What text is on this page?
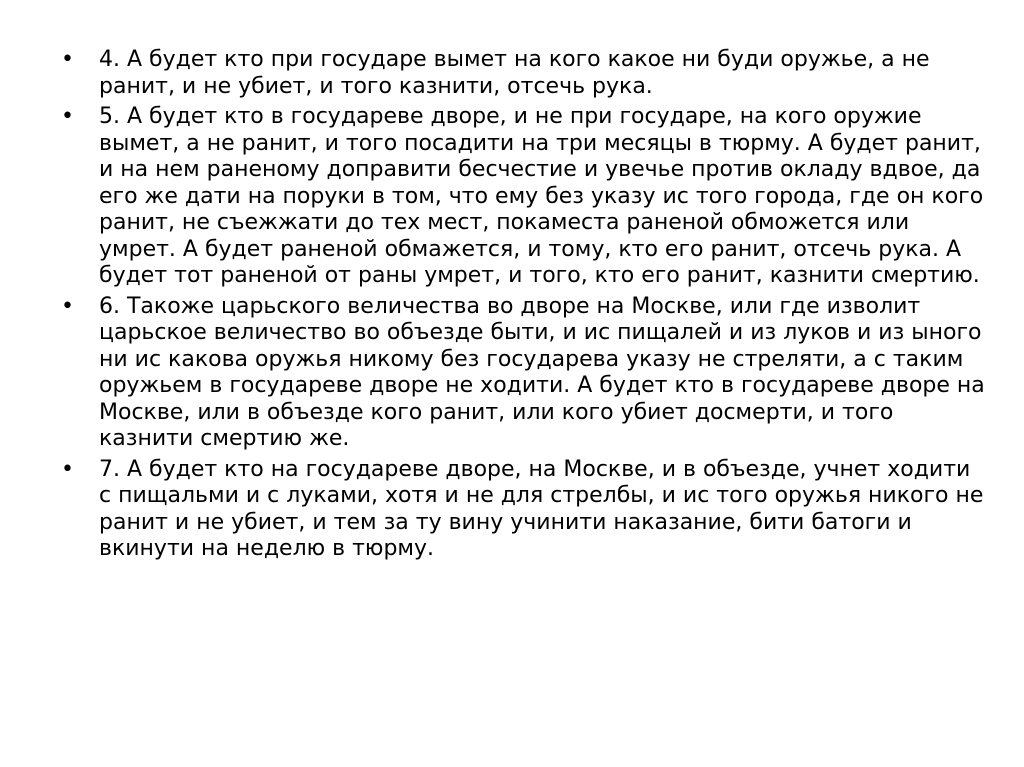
• 4. А будет кто при государе вымет на кого какое ни буди оружье, а не ранит, и не убиет, и того казнити, отсечь рука.
• 5. А будет кто в государеве дворе, и не при государе, на кого оружие вымет, а не ранит, и того посадити на три месяцы в тюрму. А будет ранит, и на нем раненому доправити бесчестие и увечье против окладу вдвое, да его же дати на поруки в том, что ему без указу ис того города, где он кого ранит, не съежжати до тех мест, покаместа раненой обможется или умрет. А будет раненой обмажется, и тому, кто его ранит, отсечь рука. А будет тот раненой от раны умрет, и того, кто его ранит, казнити смертию.
• 6. Такоже царьского величества во дворе на Москве, или где изволит царьское величество во объезде быти, и ис пищалей и из луков и из ыного ни ис какова оружья никому без государева указу не стреляти, а с таким оружьем в государеве дворе не ходити. А будет кто в государеве дворе на Москве, или в объезде кого ранит, или кого убиет досмерти, и того казнити смертию же.
• 7. А будет кто на государеве дворе, на Москве, и в объезде, учнет ходити с пищальми и с луками, хотя и не для стрелбы, и ис того оружья никого не ранит и не убиет, и тем за ту вину учинити наказание, бити батоги и вкинути на неделю в тюрму.
